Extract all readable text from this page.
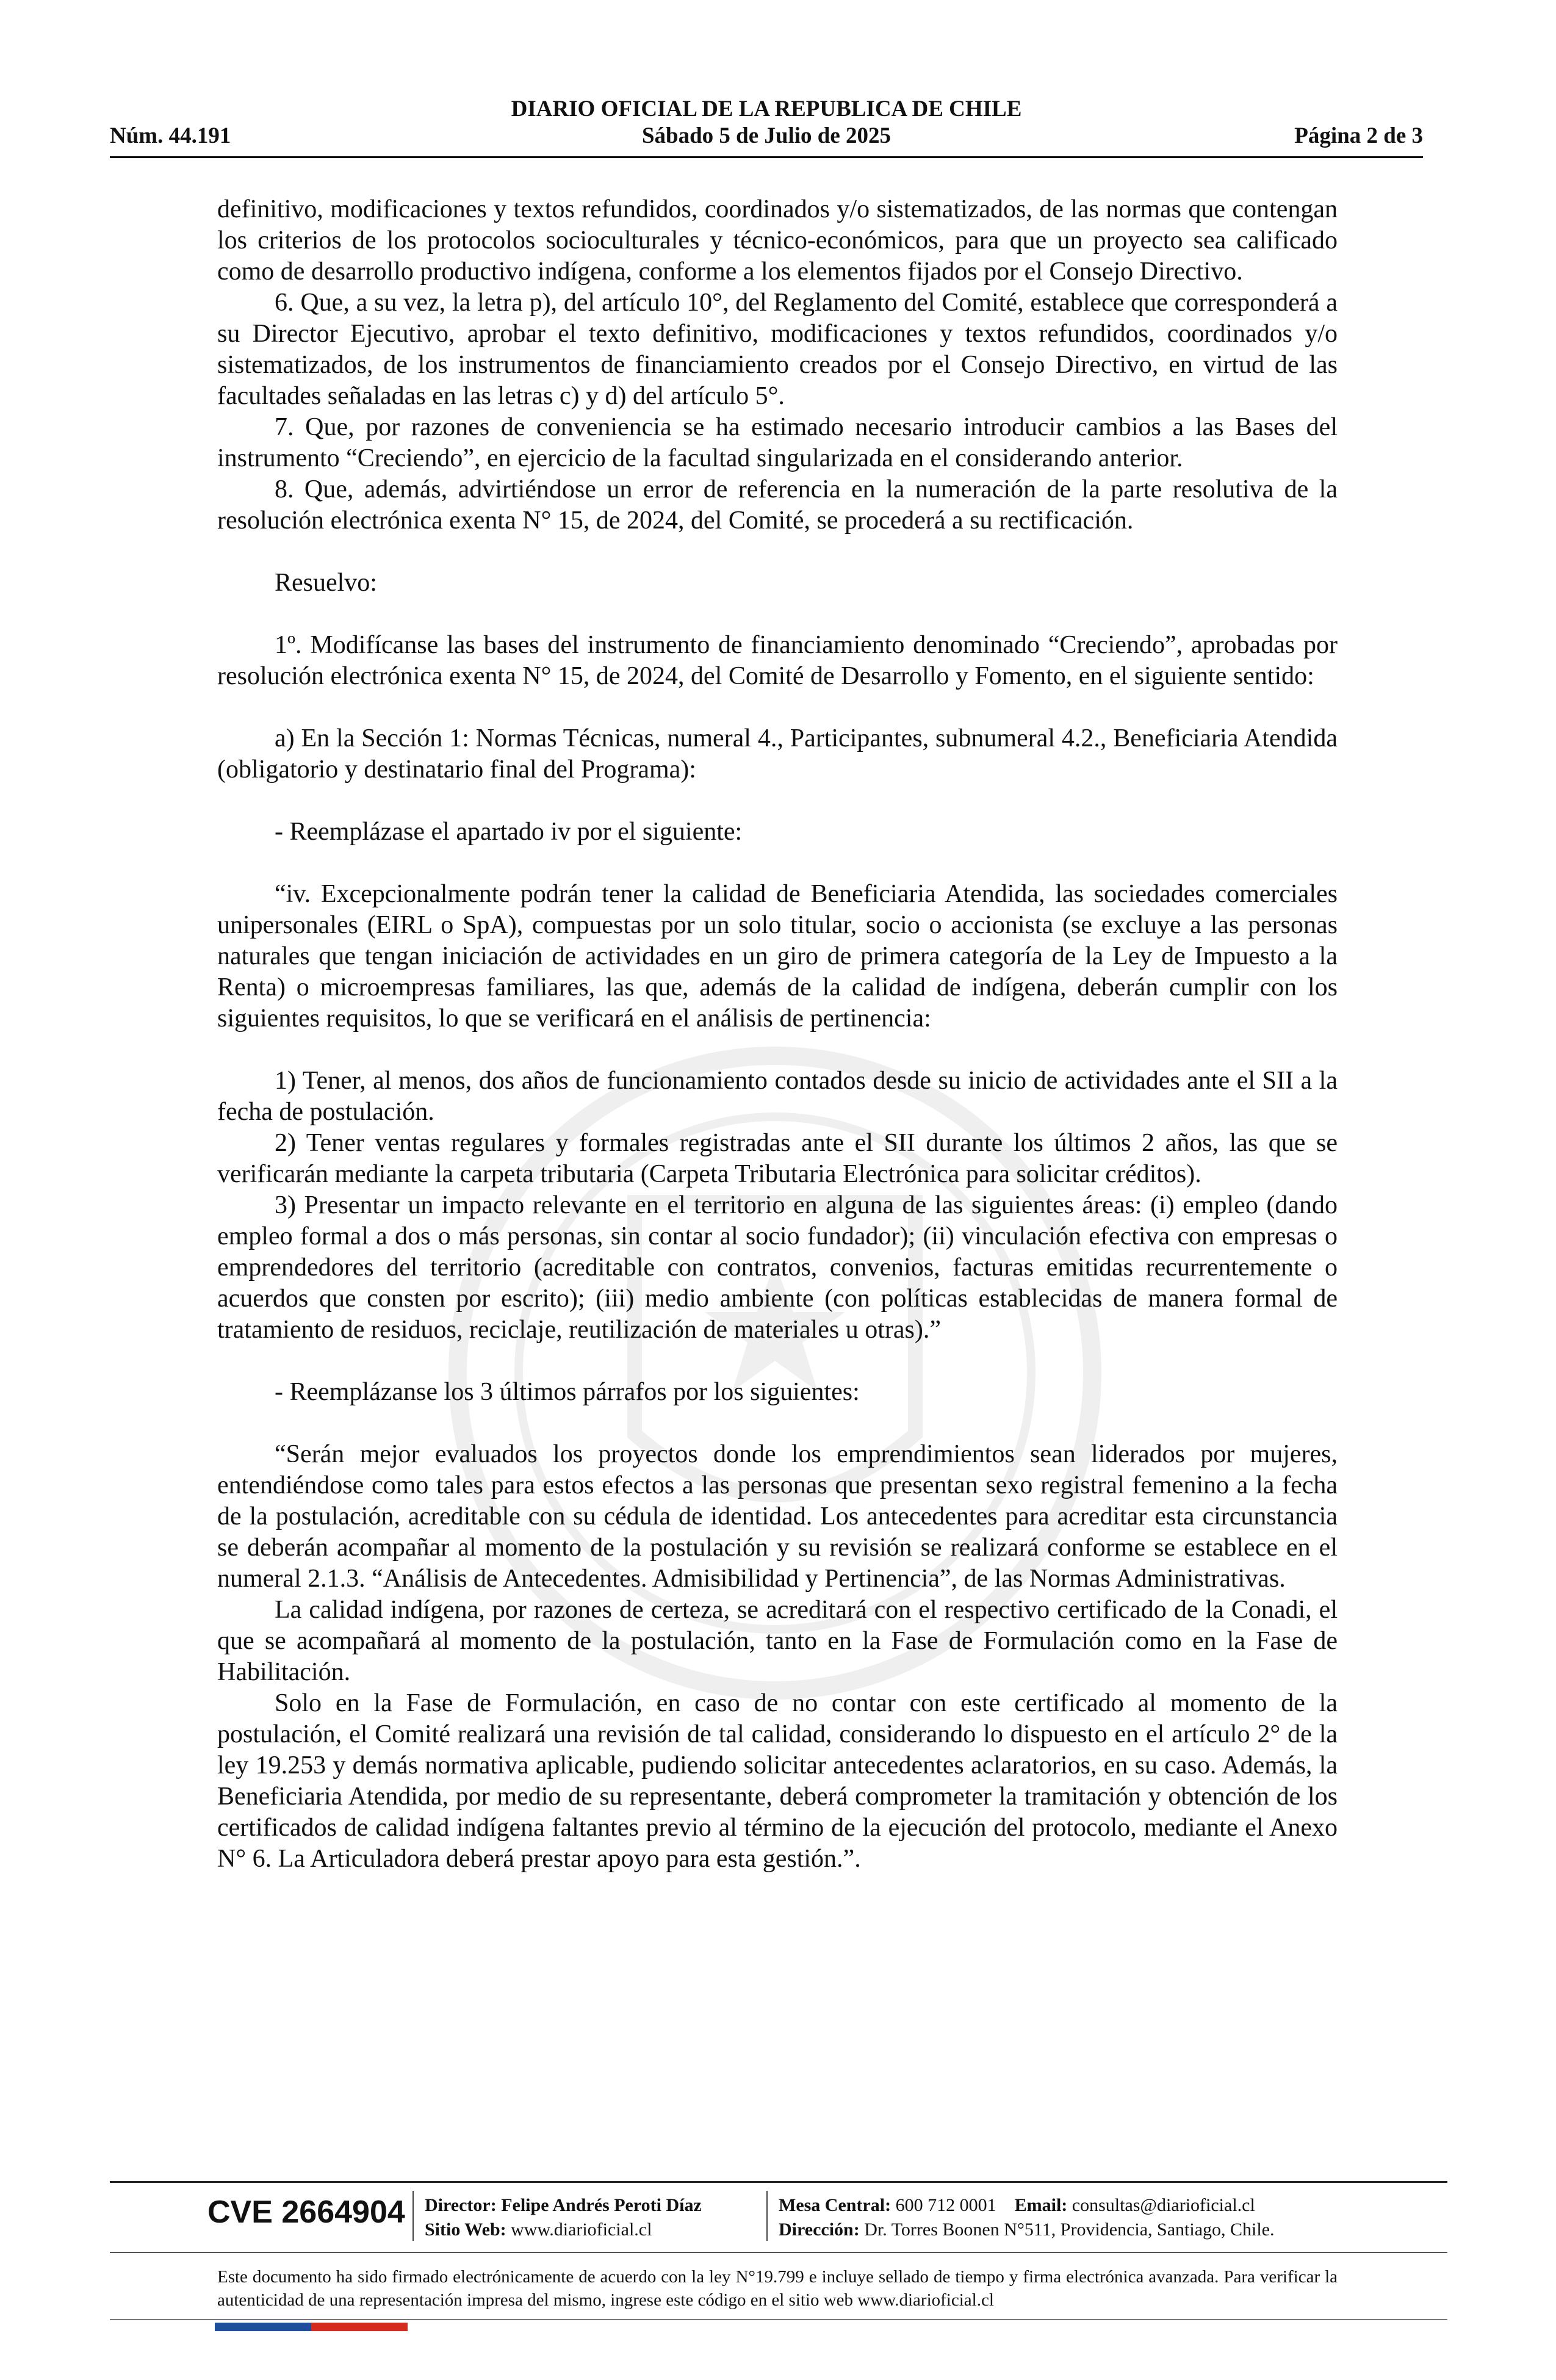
DIARIO OFICIAL DE LA REPUBLICA DE CHILE
Núm. 44.191	Sábado 5 de Julio de 2025	Página 2 de 3

definitivo, modificaciones y textos refundidos, coordinados y/o sistematizados, de las normas que contengan los criterios de los protocolos socioculturales y técnico-económicos, para que un proyecto sea calificado como de desarrollo productivo indígena, conforme a los elementos fijados por el Consejo Directivo.

6. Que, a su vez, la letra p), del artículo 10°, del Reglamento del Comité, establece que corresponderá a su Director Ejecutivo, aprobar el texto definitivo, modificaciones y textos refundidos, coordinados y/o sistematizados, de los instrumentos de financiamiento creados por el Consejo Directivo, en virtud de las facultades señaladas en las letras c) y d) del artículo 5°.

7. Que, por razones de conveniencia se ha estimado necesario introducir cambios a las Bases del instrumento “Creciendo”, en ejercicio de la facultad singularizada en el considerando anterior.

8. Que, además, advirtiéndose un error de referencia en la numeración de la parte resolutiva de la resolución electrónica exenta N° 15, de 2024, del Comité, se procederá a su rectificación.

Resuelvo:

1º. Modifícanse las bases del instrumento de financiamiento denominado “Creciendo”, aprobadas por resolución electrónica exenta N° 15, de 2024, del Comité de Desarrollo y Fomento, en el siguiente sentido:

a) En la Sección 1: Normas Técnicas, numeral 4., Participantes, subnumeral 4.2., Beneficiaria Atendida (obligatorio y destinatario final del Programa):

- Reemplázase el apartado iv por el siguiente:

“iv. Excepcionalmente podrán tener la calidad de Beneficiaria Atendida, las sociedades comerciales unipersonales (EIRL o SpA), compuestas por un solo titular, socio o accionista (se excluye a las personas naturales que tengan iniciación de actividades en un giro de primera categoría de la Ley de Impuesto a la Renta) o microempresas familiares, las que, además de la calidad de indígena, deberán cumplir con los siguientes requisitos, lo que se verificará en el análisis de pertinencia:

1) Tener, al menos, dos años de funcionamiento contados desde su inicio de actividades ante el SII a la fecha de postulación.

2) Tener ventas regulares y formales registradas ante el SII durante los últimos 2 años, las que se verificarán mediante la carpeta tributaria (Carpeta Tributaria Electrónica para solicitar créditos).

3) Presentar un impacto relevante en el territorio en alguna de las siguientes áreas: (i) empleo (dando empleo formal a dos o más personas, sin contar al socio fundador); (ii) vinculación efectiva con empresas o emprendedores del territorio (acreditable con contratos, convenios, facturas emitidas recurrentemente o acuerdos que consten por escrito); (iii) medio ambiente (con políticas establecidas de manera formal de tratamiento de residuos, reciclaje, reutilización de materiales u otras).”

- Reemplázanse los 3 últimos párrafos por los siguientes:

“Serán mejor evaluados los proyectos donde los emprendimientos sean liderados por mujeres, entendiéndose como tales para estos efectos a las personas que presentan sexo registral femenino a la fecha de la postulación, acreditable con su cédula de identidad. Los antecedentes para acreditar esta circunstancia se deberán acompañar al momento de la postulación y su revisión se realizará conforme se establece en el numeral 2.1.3. “Análisis de Antecedentes. Admisibilidad y Pertinencia”, de las Normas Administrativas.

La calidad indígena, por razones de certeza, se acreditará con el respectivo certificado de la Conadi, el que se acompañará al momento de la postulación, tanto en la Fase de Formulación como en la Fase de Habilitación.

Solo en la Fase de Formulación, en caso de no contar con este certificado al momento de la postulación, el Comité realizará una revisión de tal calidad, considerando lo dispuesto en el artículo 2° de la ley 19.253 y demás normativa aplicable, pudiendo solicitar antecedentes aclaratorios, en su caso. Además, la Beneficiaria Atendida, por medio de su representante, deberá comprometer la tramitación y obtención de los certificados de calidad indígena faltantes previo al término de la ejecución del protocolo, mediante el Anexo N° 6. La Articuladora deberá prestar apoyo para esta gestión.”.

CVE 2664904 Director: Felipe Andrés Peroti Díaz
Sitio Web: www.diarioficial.cl
Mesa Central: 600 712 0001 Email: consultas@diarioficial.cl
Dirección: Dr. Torres Boonen N°511, Providencia, Santiago, Chile.
Este documento ha sido firmado electrónicamente de acuerdo con la ley N°19.799 e incluye sellado de tiempo y firma electrónica avanzada. Para verificar la autenticidad de una representación impresa del mismo, ingrese este código en el sitio web www.diarioficial.cl
